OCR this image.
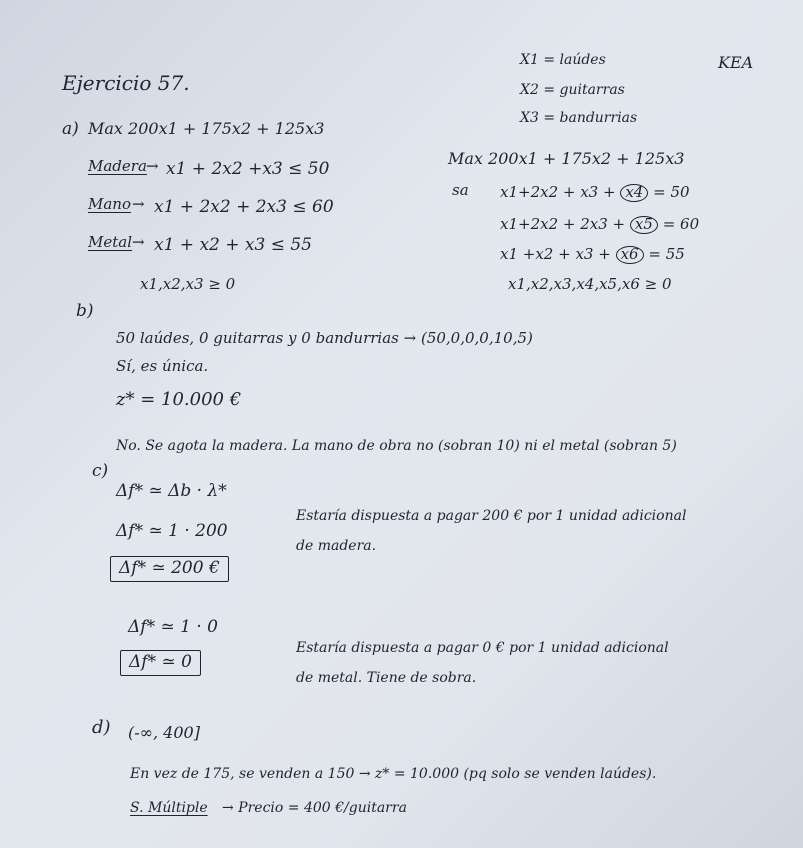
Ejercicio 57.
KEA
X1 = laúdes
X2 = guitarras
X3 = bandurrias
a) Max 200x1 + 175x2 + 125x3
Madera → x1 + 2x2 +x3 ≤ 50
Mano → x1 + 2x2 + 2x3 ≤ 60
Metal → x1 + x2 + x3 ≤ 55
x1,x2,x3 ≥ 0
Max 200x1 + 175x2 + 125x3
sa x1+2x2 + x3 + x4 = 50
x1+2x2 + 2x3 + x5 = 60
x1 +x2 + x3 + x6 = 55
x1,x2,x3,x4,x5,x6 ≥ 0
b)
50 laúdes, 0 guitarras y 0 bandurrias → (50,0,0,0,10,5)
Sí, es única.
z* = 10.000 €
No. Se agota la madera. La mano de obra no (sobran 10) ni el metal (sobran 5)
c)
Δf* ≃ Δb · λ*
Δf* ≃ 1 · 200
Δf* ≃ 200 €
Estaría dispuesta a pagar 200 € por 1 unidad adicional
de madera.
Δf* ≃ 1 · 0
Δf* ≃ 0
Estaría dispuesta a pagar 0 € por 1 unidad adicional
de metal. Tiene de sobra.
d) (-∞, 400]
En vez de 175, se venden a 150 → z* = 10.000 (pq solo se venden laúdes).
S. Múltiple → Precio = 400 €/guitarra
